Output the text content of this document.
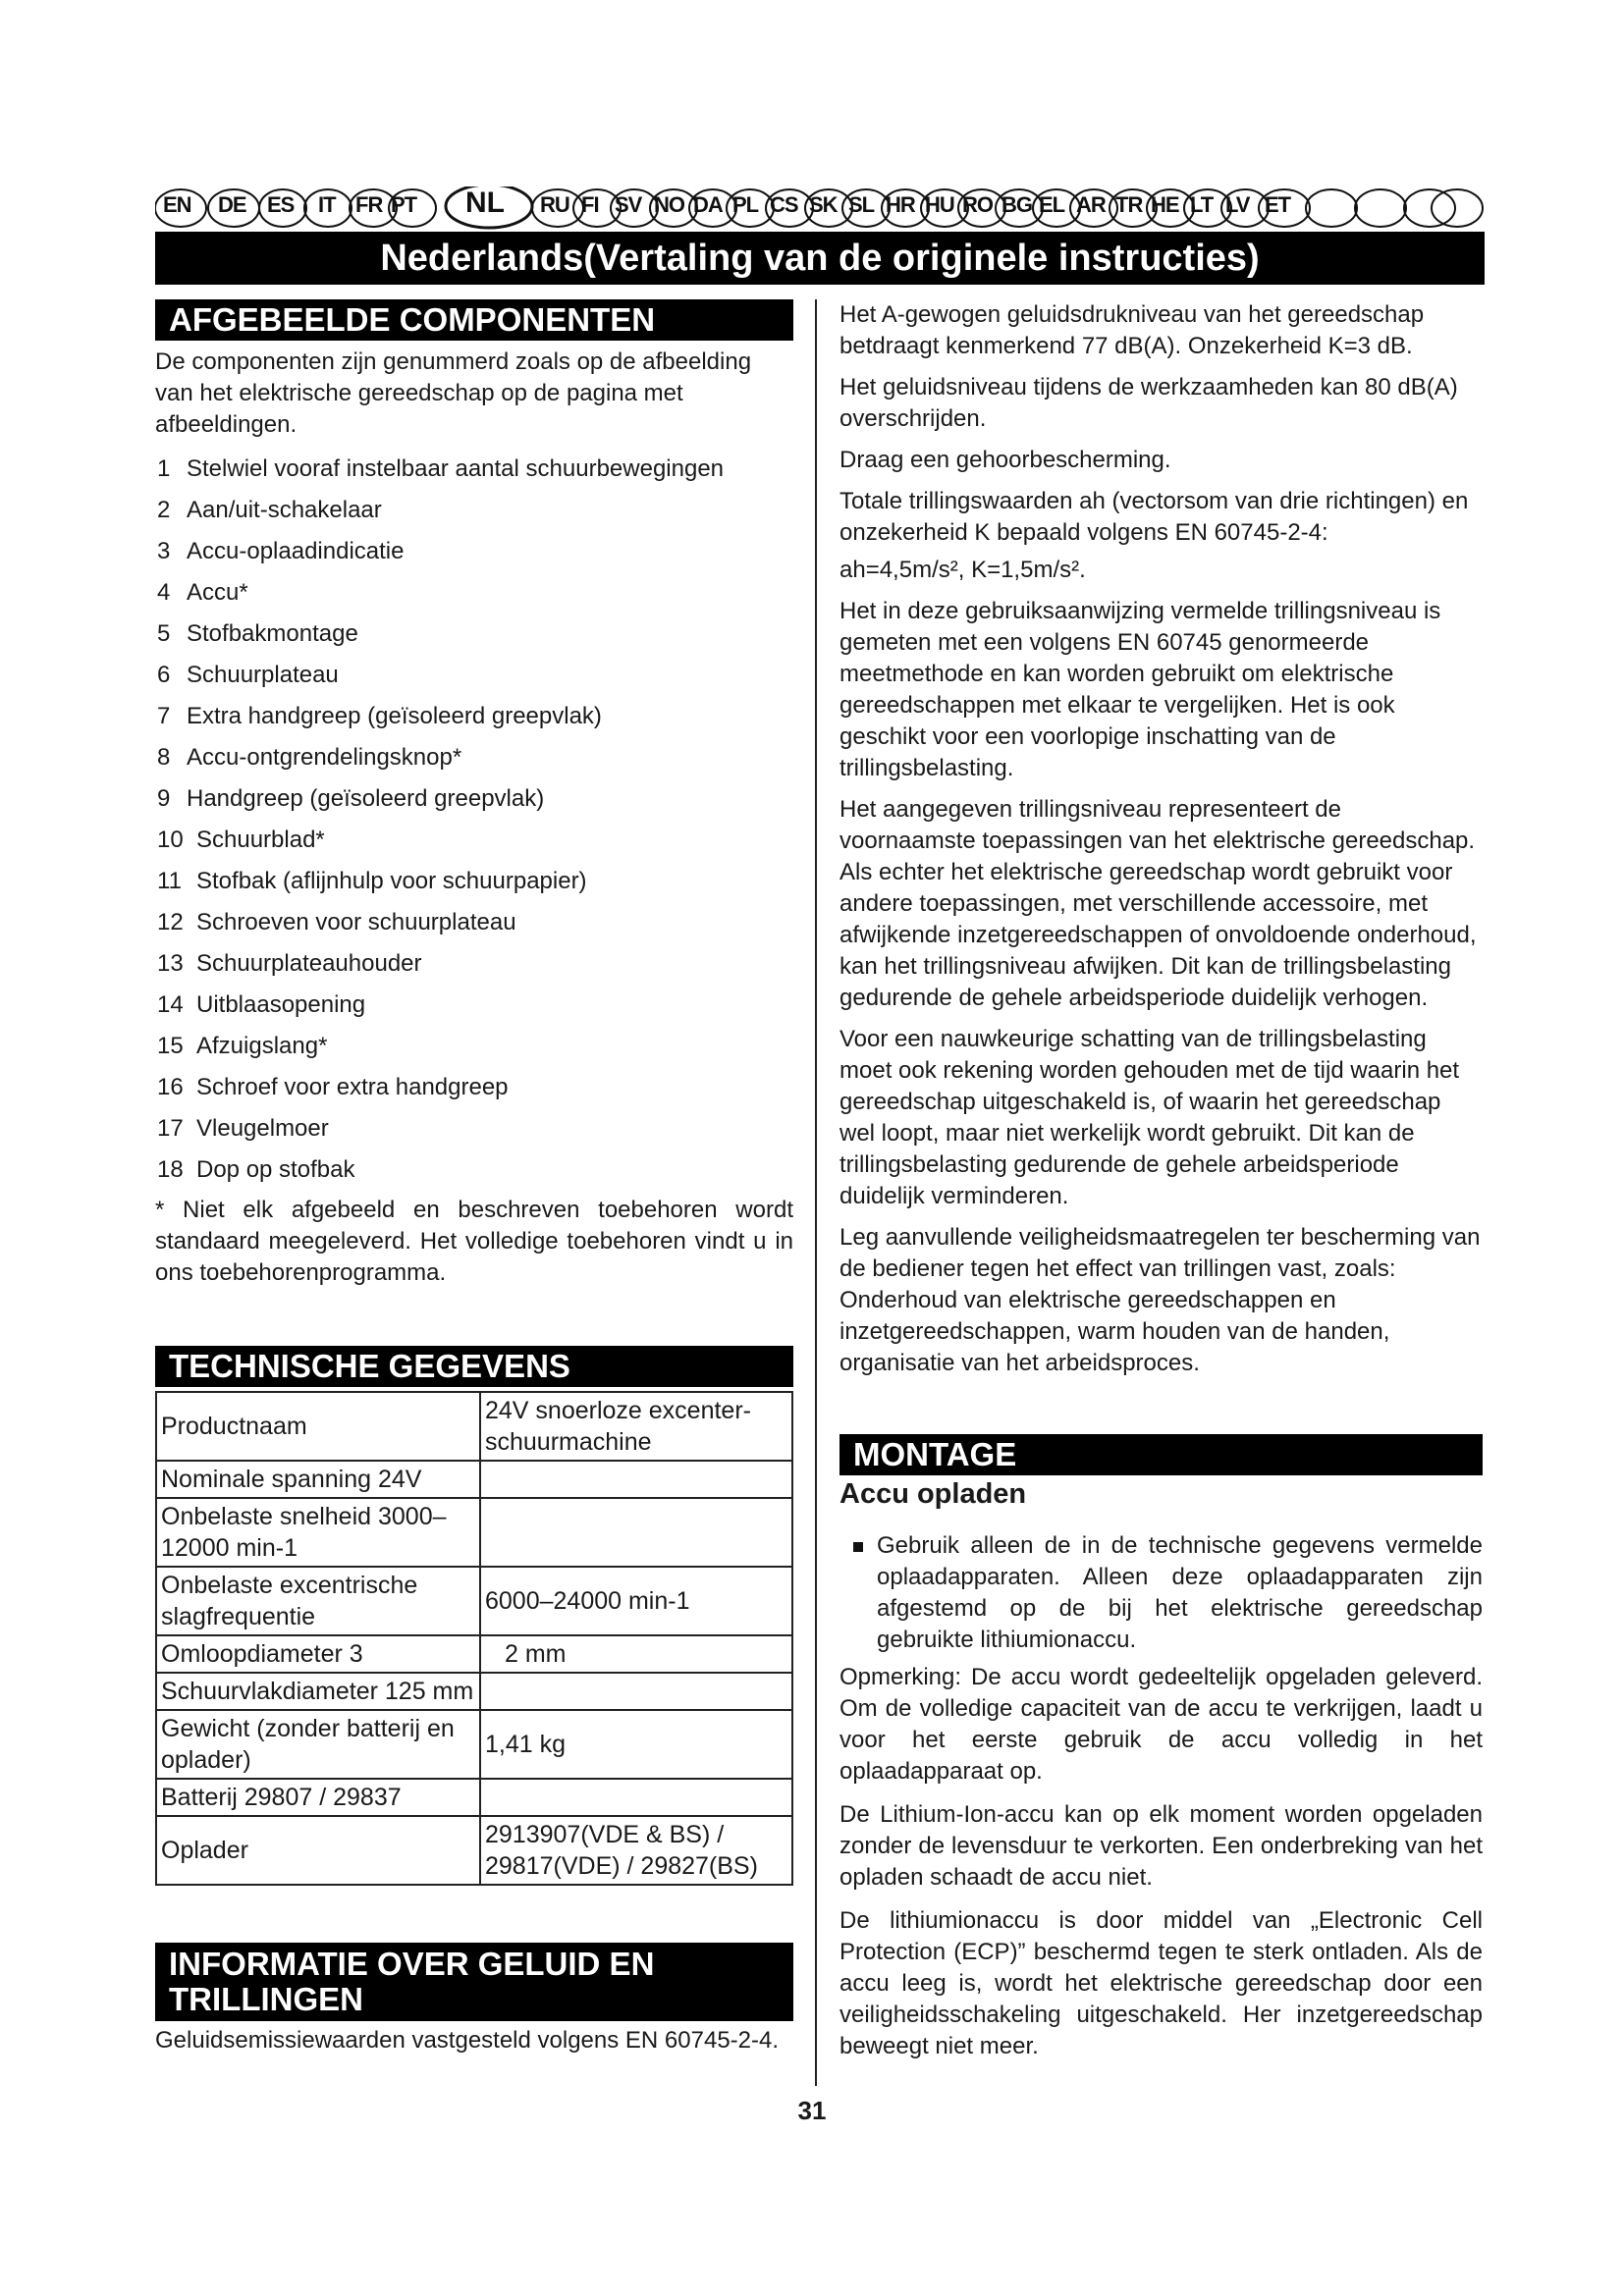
EN DE ES IT FR PT NL RU FI SV NO DA PL CS SK SL HR HU RO BG EL AR TR HE LT LV ET
Nederlands(Vertaling van de originele instructies)
AFGEBEELDE COMPONENTEN

De componenten zijn genummerd zoals op de afbeelding van het elektrische gereedschap op de pagina met afbeeldingen.

1 Stelwiel vooraf instelbaar aantal schuurbewegingen
2 Aan/uit-schakelaar
3 Accu-oplaadindicatie
4 Accu*
5 Stofbakmontage
6 Schuurplateau
7 Extra handgreep (geïsoleerd greepvlak)
8 Accu-ontgrendelingsknop*
9 Handgreep (geïsoleerd greepvlak)
10 Schuurblad*
11 Stofbak (aflijnhulp voor schuurpapier)
12 Schroeven voor schuurplateau
13 Schuurplateauhouder
14 Uitblaasopening
15 Afzuigslang*
16 Schroef voor extra handgreep
17 Vleugelmoer
18 Dop op stofbak

* Niet elk afgebeeld en beschreven toebehoren wordt standaard meegeleverd. Het volledige toebehoren vindt u in ons toebehorenprogramma.

TECHNISCHE GEGEVENS
Productnaam	24V snoerloze excenter-schuurmachine
Nominale spanning 24V	
Onbelaste snelheid 3000–12000 min-1	
Onbelaste excentrische slagfrequentie	6000–24000 min-1
Omloopdiameter 3	2 mm
Schuurvlakdiameter 125 mm	
Gewicht (zonder batterij en oplader)	1,41 kg
Batterij 29807 / 29837	
Oplader	2913907(VDE & BS) / 29817(VDE) / 29827(BS)
INFORMATIE OVER GELUID EN TRILLINGEN

Geluidsemissiewaarden vastgesteld volgens EN 60745-2-4.

Het A-gewogen geluidsdrukniveau van het gereedschap betdraagt kenmerkend 77 dB(A). Onzekerheid K=3 dB.

Het geluidsniveau tijdens de werkzaamheden kan 80 dB(A) overschrijden.

Draag een gehoorbescherming.

Totale trillingswaarden ah (vectorsom van drie richtingen) en onzekerheid K bepaald volgens EN 60745-2-4:

ah=4,5m/s², K=1,5m/s².

Het in deze gebruiksaanwijzing vermelde trillingsniveau is gemeten met een volgens EN 60745 genormeerde meetmethode en kan worden gebruikt om elektrische gereedschappen met elkaar te vergelijken. Het is ook geschikt voor een voorlopige inschatting van de trillingsbelasting.

Het aangegeven trillingsniveau representeert de voornaamste toepassingen van het elektrische gereedschap. Als echter het elektrische gereedschap wordt gebruikt voor andere toepassingen, met verschillende accessoire, met afwijkende inzetgereedschappen of onvoldoende onderhoud, kan het trillingsniveau afwijken. Dit kan de trillingsbelasting gedurende de gehele arbeidsperiode duidelijk verhogen.

Voor een nauwkeurige schatting van de trillingsbelasting moet ook rekening worden gehouden met de tijd waarin het gereedschap uitgeschakeld is, of waarin het gereedschap wel loopt, maar niet werkelijk wordt gebruikt. Dit kan de trillingsbelasting gedurende de gehele arbeidsperiode duidelijk verminderen.

Leg aanvullende veiligheidsmaatregelen ter bescherming van de bediener tegen het effect van trillingen vast, zoals: Onderhoud van elektrische gereedschappen en inzetgereedschappen, warm houden van de handen, organisatie van het arbeidsproces.

MONTAGE
Accu opladen

Gebruik alleen de in de technische gegevens vermelde oplaadapparaten. Alleen deze oplaadapparaten zijn afgestemd op de bij het elektrische gereedschap gebruikte lithiumionaccu.

Opmerking: De accu wordt gedeeltelijk opgeladen geleverd. Om de volledige capaciteit van de accu te verkrijgen, laadt u voor het eerste gebruik de accu volledig in het oplaadapparaat op.

De Lithium-Ion-accu kan op elk moment worden opgeladen zonder de levensduur te verkorten. Een onderbreking van het opladen schaadt de accu niet.

De lithiumionaccu is door middel van „Electronic Cell Protection (ECP)” beschermd tegen te sterk ontladen. Als de accu leeg is, wordt het elektrische gereedschap door een veiligheidsschakeling uitgeschakeld. Her inzetgereedschap beweegt niet meer.

31
